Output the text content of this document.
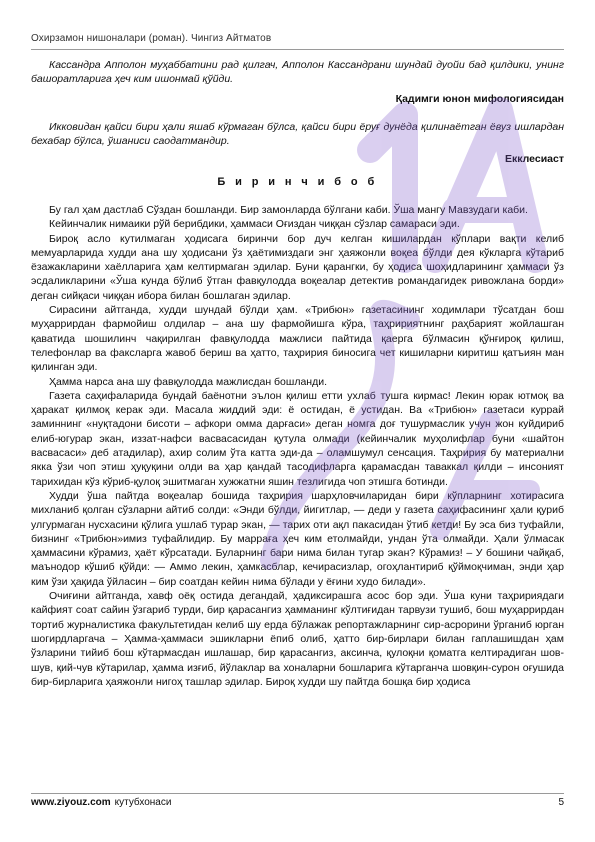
Охирзамон нишоналари (роман). Чингиз Айтматов

Кассандра Апполон муҳаббатини рад қилгач, Апполон Кассандрани шундай дуойи бад қилдики, унинг башоратларига ҳеч ким ишонмай қўйди.

Қадимги юнон мифологиясидан

Икковидан қайси бири ҳали яшаб кўрмаган бўлса, қайси бири ёруғ дунёда қилинаётган ёвуз ишлардан бехабар бўлса, ўшаниси саодатмандир.

Екклесиаст

Б и р и н ч и б о б

Бу гал ҳам дастлаб Сўздан бошланди. Бир замонларда бўлгани каби. Ўша мангу Мавзудаги каби.

Кейинчалик нимаики рўй берибдики, ҳаммаси Оғиздан чиққан сўзлар самараси эди.

Бироқ асло кутилмаган ҳодисага биринчи бор дуч келган кишилардан кўплари вақти келиб мемуарларида худди ана шу ҳодисани ўз ҳаётимиздаги энг ҳаяжонли воқеа бўлди дея кўкларга кўтариб ёзажакларини хаёлларига ҳам келтирмаган эдилар. Буни қарангки, бу ҳодиса шоҳидларининг ҳаммаси ўз эсдаликларини «Ўша кунда бўлиб ўтган фавқулодда воқеалар детектив романдагидек ривожлана борди» деган сийқаси чиққан ибора билан бошлаган эдилар.

Сирасини айтганда, худди шундай бўлди ҳам. «Трибюн» газетасининг ходимлари тўсатдан бош муҳаррирдан фармойиш олдилар – ана шу фармойишга кўра, таҳририятнинг раҳбарият жойлашган қаватида шошилинч чақирилган фавқулодда мажлиси пайтида қаерга бўлмасин қўнғироқ қилиш, телефонлар ва факсларга жавоб бериш ва ҳатто, таҳририя биносига чет кишиларни киритиш қатъиян ман қилинган эди.

Ҳамма нарса ана шу фавқулодда мажлисдан бошланди.

Газета саҳифаларида бундай баёнотни эълон қилиш етти ухлаб тушга кирмас! Лекин юрак ютмоқ ва ҳаракат қилмоқ керак эди. Масала жиддий эди: ё остидан, ё устидан. Ва «Трибюн» газетаси куррай заминнинг «нуқтадони бисоти – афкори омма дарғаси» деган номга доғ тушурмаслик учун жон куйдириб елиб-югурар экан, иззат-нафси васвасасидан қутула олмади (кейинчалик муҳолифлар буни «шайтон васвасаси» деб атадилар), ахир солим ўта катта эди-да – оламшумул сенсация. Таҳририя бу материални якка ўзи чоп этиш ҳуқуқини олди ва ҳар қандай тасодифларга қарамасдан таваккал қилди – инсоният тарихидан кўз кўриб-қулоқ эшитмаган хужжатни яшин тезлигида чоп этишга ботинди.

Худди ўша пайтда воқеалар бошида таҳририя шарҳловчиларидан бири кўпларнинг хотирасига михланиб қолган сўзларни айтиб солди: «Энди бўлди, йигитлар, — деди у газета саҳифасининг ҳали қуриб улгурмаган нусхасини қўлига ушлаб турар экан, — тарих оти ақл пакасидан ўтиб кетди! Бу эса биз туфайли, бизнинг «Трибюн»имиз туфайлидир. Бу марраға ҳеч ким етолмайди, ундан ўта олмайди. Ҳали ўлмасак ҳаммасини кўрамиз, ҳаёт кўрсатади. Буларнинг бари нима билан тугар экан? Кўрамиз! – У бошини чайқаб, маънодор кўшиб қўйди: — Аммо лекин, ҳамкасблар, кечирасизлар, огоҳлантириб қўймоқчиман, энди ҳар ким ўзи ҳақида ўйласин – бир соатдан кейин нима бўлади у ёғини худо билади».

Очиғини айтганда, хавф оёқ остида дегандай, ҳадиксирашга асос бор эди. Ўша куни таҳририядаги кайфият соат сайин ўзгариб турди, бир қарасангиз ҳамманинг кўлтиғидан тарвузи тушиб, бош муҳаррирдан тортиб журналистика факультетидан келиб шу ерда бўлажак репортажларнинг сир-асрорини ўрганиб юрган шогирдларгача – Ҳамма-ҳаммаси эшикларни ёпиб олиб, ҳатто бир-бирлари билан гаплашишдан ҳам ўзларини тийиб бош кўтармасдан ишлашар, бир қарасангиз, аксинча, қулоқни қоматга келтирадиган шов-шув, қий-чув кўтарилар, ҳамма изғиб, йўлаклар ва хоналарни бошларига кўтарганча шовқин-сурон оғушида бир-бирларига ҳаяжонли нигоҳ ташлар эдилар. Бироқ худди шу пайтда бошқа бир ҳодиса

www.ziyouz.com кутубхонаси	5
